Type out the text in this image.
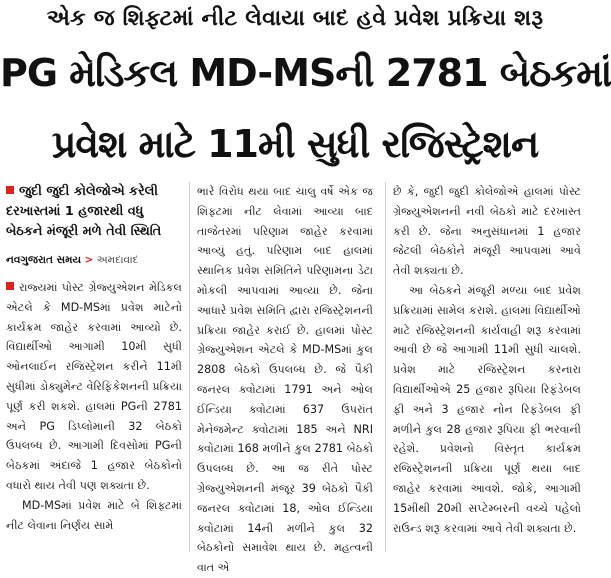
એક જ શિફ્ટમાં નીટ લેવાયા બાદ હવે પ્રવેશ પ્રક્રિયા શરૂ
PG મેડિકલ MD-MSની 2781 બેઠકમાં
પ્રવેશ માટે 11મી સુધી રજિસ્ટ્રેશન
જુદી જુદી કોલેજોએ કરેલી દરખાસ્તમાં 1 હજારથી વધુ બેઠકને મંજૂરી મળે તેવી સ્થિતિ
નવગુજરાત સમય > અમદાવાદ

રાજ્યમાં પોસ્ટ ગ્રેજ્યુએશન મેડિકલ એટલે કે MD-MSમાં પ્રવેશ માટેનો કાર્યક્રમ જાહેર કરવામાં આવ્યો છે. વિદ્યાર્થીઓ આગામી 10મી સુધી ઓનલાઈન રજિસ્ટ્રેશન કરીને 11મી સુધીમાં ડોક્યુમેન્ટ વેરિફિકેશનની પ્રક્રિયા પૂર્ણ કરી શકશે. હાલમાં PGની 2781 અને PG ડિપ્લોમાની 32 બેઠકો ઉપલબ્ધ છે. આગામી દિવસોમાં PGની બેઠકમાં અંદાજે 1 હજાર બેઠકોનો વધારો થાય તેવી પણ શક્યતા છે.

MD-MSમાં પ્રવેશ માટે બે શિફ્ટમાં નીટ લેવાના નિર્ણય સામે

ભારે વિરોધ થયા બાદ ચાલુ વર્ષે એક જ શિફ્ટમાં નીટ લેવામાં આવ્યા બાદ તાજેતરમાં પરિણામ જાહેર કરવામાં આવ્યું હતું. પરિણામ બાદ હાલમાં સ્થાનિક પ્રવેશ સમિતિને પરિણામના ડેટા મોકલી આપવામાં આવ્યા છે. જેના આધારે પ્રવેશ સમિતિ દ્વારા રજિસ્ટ્રેશનની પ્રક્રિયા જાહેર કરાઈ છે. હાલમાં પોસ્ટ ગ્રેજ્યુએશન એટલે કે MD-MSમાં કુલ 2808 બેઠકો ઉપલબ્ધ છે. જે પૈકી જનરલ ક્વોટામાં 1791 અને ઓલ ઈન્ડિયા ક્વોટામાં 637 ઉપરાંત મેનેજમેન્ટ ક્વોટામાં 185 અને NRI ક્વોટામાં 168 મળીને કુલ 2781 બેઠકો ઉપલબ્ધ છે. આ જ રીતે પોસ્ટ ગ્રેજ્યુએશનની મંજૂર 39 બેઠકો પૈકી જનરલ ક્વોટામાં 18, ઓલ ઈન્ડિયા ક્વોટામાં 14ની મળીને કુલ 32 બેઠકોનો સમાવેશ થાય છે. મહત્વની વાત એ

છે કે, જુદી જુદી કોલેજોએ હાલમાં પોસ્ટ ગ્રેજ્યુએશનની નવી બેઠકો માટે દરખાસ્ત કરી છે. જેના અનુસંધાનમાં 1 હજાર જેટલી બેઠકોને મંજૂરી આપવામાં આવે તેવી શક્યતા છે.

આ બેઠકને મંજૂરી મળ્યા બાદ પ્રવેશ પ્રક્રિયામાં સામેલ કરાશે. હાલમાં વિદ્યાર્થીઓ માટે રજિસ્ટ્રેશનની કાર્યવાહી શરૂ કરવામાં આવી છે જે આગામી 11મી સુધી ચાલશે. પ્રવેશ માટે રજિસ્ટ્રેશન કરનારા વિદ્યાર્થીઓએ 25 હજાર રૂપિયા રિફંડેબલ ફી અને 3 હજાર નોન રિફંડેબલ ફી મળીને કુલ 28 હજાર રૂપિયા ફી ભરવાની રહેશે. પ્રવેશનો વિસ્તૃત કાર્યક્રમ રજિસ્ટ્રેશનની પ્રક્રિયા પૂર્ણ થયા બાદ જાહેર કરવામાં આવશે. જોકે, આગામી 15મીથી 20મી સપ્ટેમ્બરની વચ્ચે પહેલો રાઉન્ડ શરૂ કરવામાં આવે તેવી શક્યતા છે.
